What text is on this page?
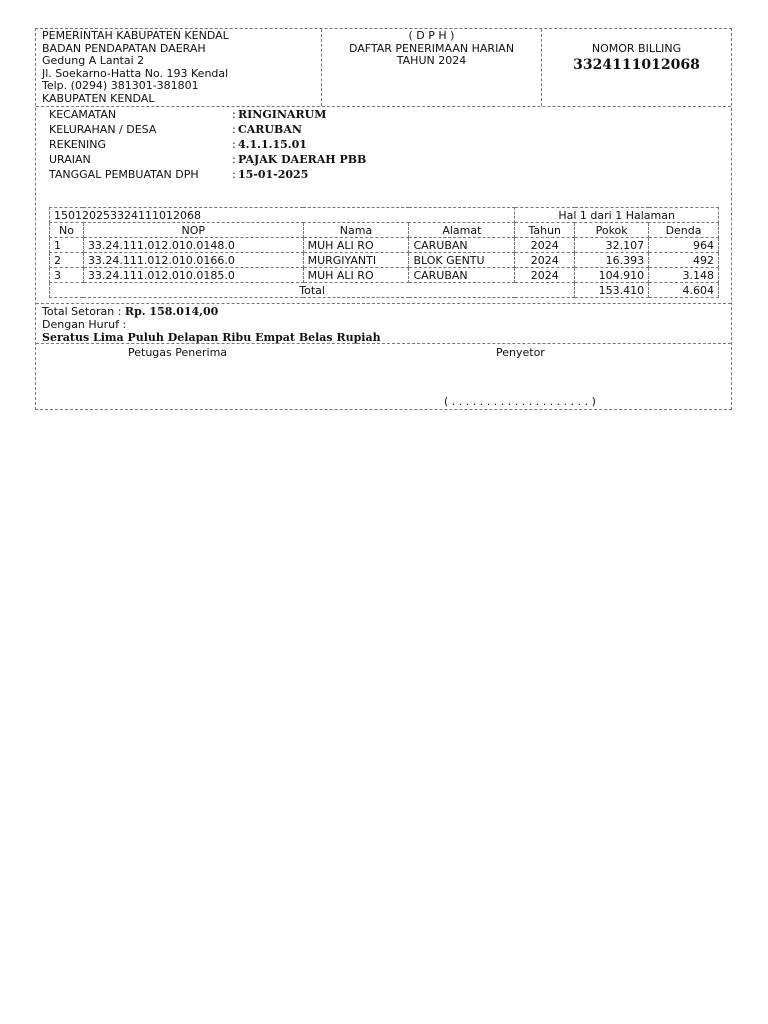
PEMERINTAH KABUPATEN KENDAL
BADAN PENDAPATAN DAERAH
Gedung A Lantai 2
Jl. Soekarno-Hatta No. 193 Kendal
Telp. (0294) 381301-381801
KABUPATEN KENDAL
( D P H )
DAFTAR PENERIMAAN HARIAN
TAHUN 2024
NOMOR BILLING
3324111012068
KECAMATAN	: RINGINARUM
KELURAHAN / DESA	: CARUBAN
REKENING	: 4.1.1.15.01
URAIAN	: PAJAK DAERAH PBB
TANGGAL PEMBUATAN DPH	: 15-01-2025
150120253324111012068				Hal 1 dari 1 Halaman		
No	NOP	Nama	Alamat	Tahun	Pokok	Denda
1	33.24.111.012.010.0148.0	MUH ALI RO	CARUBAN	2024	32.107	964
2	33.24.111.012.010.0166.0	MURGIYANTI	BLOK GENTU	2024	16.393	492
3	33.24.111.012.010.0185.0	MUH ALI RO	CARUBAN	2024	104.910	3.148
Total					153.410	4.604
Total Setoran : Rp. 158.014,00
Dengan Huruf :
Seratus Lima Puluh Delapan Ribu Empat Belas Rupiah
Petugas Penerima	Penyetor
( . . . . . . . . . . . . . . . . . . . . )
